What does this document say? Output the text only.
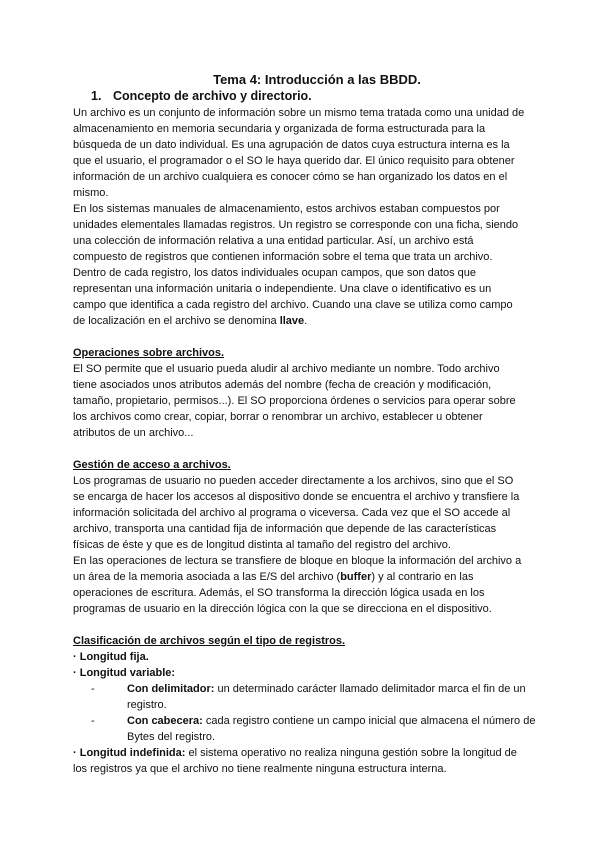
Tema 4: Introducción a las BBDD.
1. Concepto de archivo y directorio.
Un archivo es un conjunto de información sobre un mismo tema tratada como una unidad de
almacenamiento en memoria secundaria y organizada de forma estructurada para la
búsqueda de un dato individual. Es una agrupación de datos cuya estructura interna es la
que el usuario, el programador o el SO le haya querido dar. El único requisito para obtener
información de un archivo cualquiera es conocer cómo se han organizado los datos en el
mismo.
En los sistemas manuales de almacenamiento, estos archivos estaban compuestos por
unidades elementales llamadas registros. Un registro se corresponde con una ficha, siendo
una colección de información relativa a una entidad particular. Así, un archivo está
compuesto de registros que contienen información sobre el tema que trata un archivo.
Dentro de cada registro, los datos individuales ocupan campos, que son datos que
representan una información unitaria o independiente. Una clave o identificativo es un
campo que identifica a cada registro del archivo. Cuando una clave se utiliza como campo
de localización en el archivo se denomina llave.
Operaciones sobre archivos.
El SO permite que el usuario pueda aludir al archivo mediante un nombre. Todo archivo
tiene asociados unos atributos además del nombre (fecha de creación y modificación,
tamaño, propietario, permisos...). El SO proporciona órdenes o servicios para operar sobre
los archivos como crear, copiar, borrar o renombrar un archivo, establecer u obtener
atributos de un archivo...
Gestión de acceso a archivos.
Los programas de usuario no pueden acceder directamente a los archivos, sino que el SO
se encarga de hacer los accesos al dispositivo donde se encuentra el archivo y transfiere la
información solicitada del archivo al programa o viceversa. Cada vez que el SO accede al
archivo, transporta una cantidad fija de información que depende de las características
físicas de éste y que es de longitud distinta al tamaño del registro del archivo.
En las operaciones de lectura se transfiere de bloque en bloque la información del archivo a
un área de la memoria asociada a las E/S del archivo (buffer) y al contrario en las
operaciones de escritura. Además, el SO transforma la dirección lógica usada en los
programas de usuario en la dirección lógica con la que se direcciona en el dispositivo.
Clasificación de archivos según el tipo de registros.
· Longitud fija.
· Longitud variable:
-	Con delimitador: un determinado carácter llamado delimitador marca el fin de un
registro.
-	Con cabecera: cada registro contiene un campo inicial que almacena el número de
Bytes del registro.
· Longitud indefinida: el sistema operativo no realiza ninguna gestión sobre la longitud de
los registros ya que el archivo no tiene realmente ninguna estructura interna.
